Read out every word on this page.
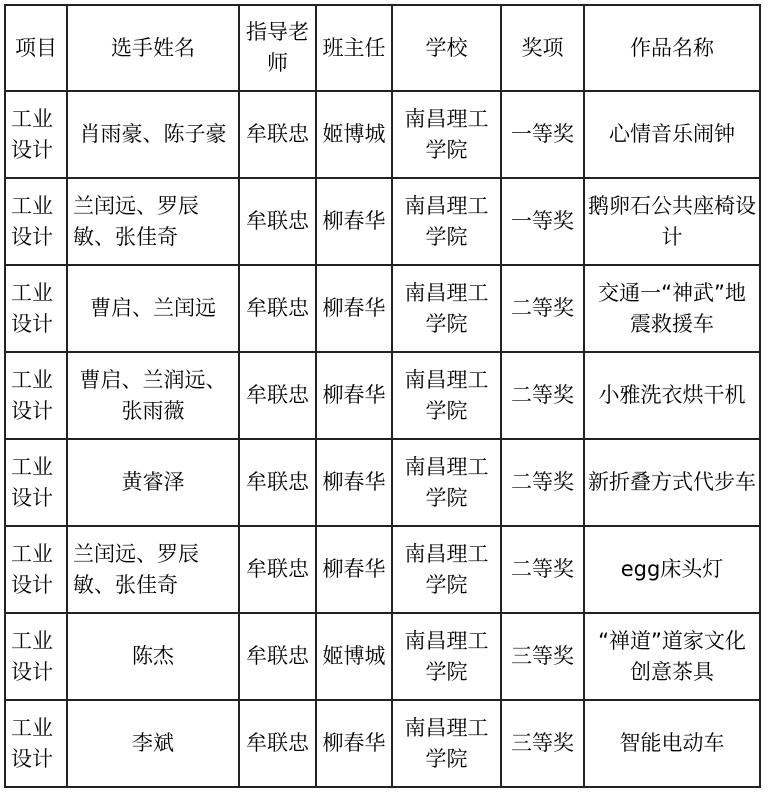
项目	选手姓名	指导老师	班主任	学校	奖项	作品名称
工业设计	肖雨豪、陈子豪	牟联忠	姬博城	南昌理工学院	一等奖	心情音乐闹钟
工业设计	兰闰远、罗辰敏、张佳奇	牟联忠	柳春华	南昌理工学院	一等奖	鹅卵石公共座椅设计
工业设计	曹启、兰闰远	牟联忠	柳春华	南昌理工学院	二等奖	交通一“神武”地震救援车
工业设计	曹启、兰润远、张雨薇	牟联忠	柳春华	南昌理工学院	二等奖	小雅洗衣烘干机
工业设计	黄睿泽	牟联忠	柳春华	南昌理工学院	二等奖	新折叠方式代步车
工业设计	兰闰远、罗辰敏、张佳奇	牟联忠	柳春华	南昌理工学院	二等奖	egg床头灯
工业设计	陈杰	牟联忠	姬博城	南昌理工学院	三等奖	“禅道”道家文化创意茶具
工业设计	李斌	牟联忠	柳春华	南昌理工学院	三等奖	智能电动车
